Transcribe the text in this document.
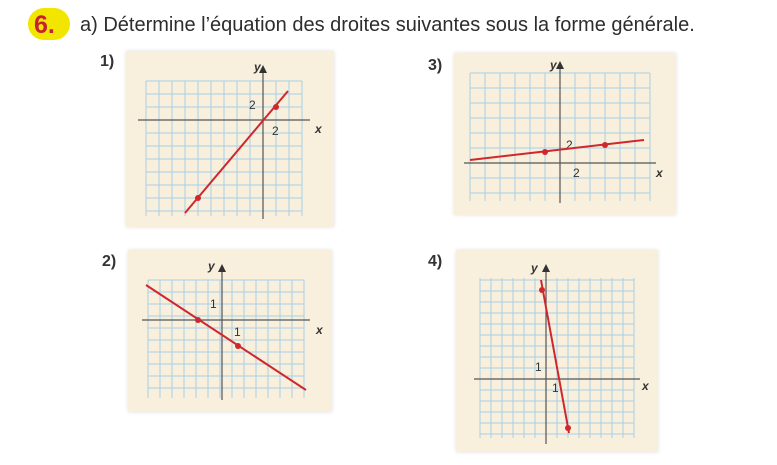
6. a) Détermine l’équation des droites suivantes sous la forme générale.
1)	y
x
2
2
3)	y
x
2
2
2)	y
x
1
1
4)	y
x
1
1
